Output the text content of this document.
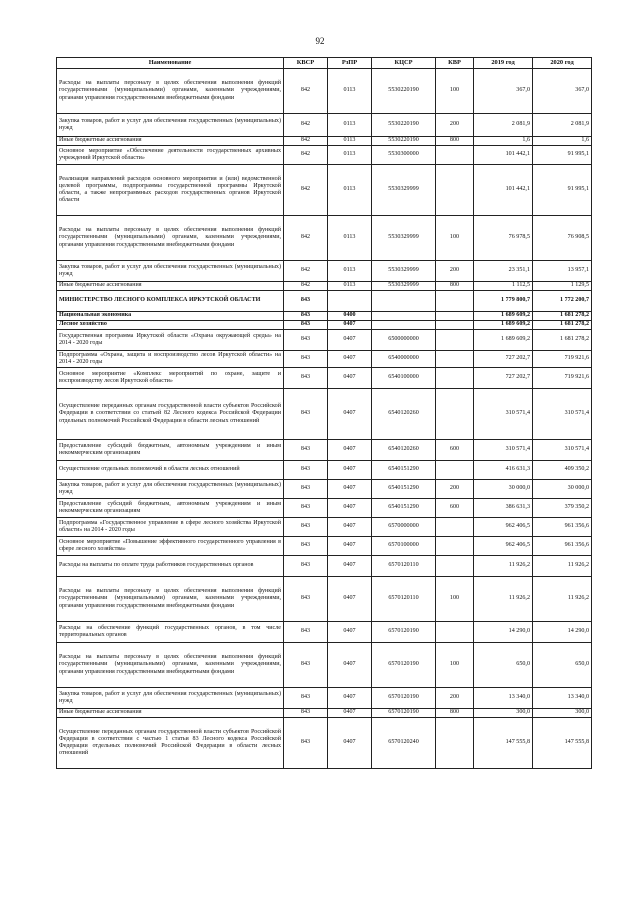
92
Наименование	КВСР	РзПР	КЦСР	КВР	2019 год	2020 год
Расходы на выплаты персоналу в целях обеспечения выполнения функций государственными (муниципальными) органами, казенными учреждениями, органами управления государственными внебюджетными фондами	842	0113	5530220190	100	367,0	367,0
Закупка товаров, работ и услуг для обеспечения государственных (муниципальных) нужд	842	0113	5530220190	200	2 081,9	2 081,9
Иные бюджетные ассигнования	842	0113	5530220190	800	1,6	1,6
Основное мероприятие «Обеспечение деятельности государственных архивных учреждений Иркутской области»	842	0113	5530300000		101 442,1	91 995,1
Реализация направлений расходов основного мероприятия и (или) ведомственной целевой программы, подпрограммы государственной программы Иркутской области, а также непрограммных расходов государственных органов Иркутской области	842	0113	5530329999		101 442,1	91 995,1
Расходы на выплаты персоналу в целях обеспечения выполнения функций государственными (муниципальными) органами, казенными учреждениями, органами управления государственными внебюджетными фондами	842	0113	5530329999	100	76 978,5	76 908,5
Закупка товаров, работ и услуг для обеспечения государственных (муниципальных) нужд	842	0113	5530329999	200	23 351,1	13 957,1
Иные бюджетные ассигнования	842	0113	5530329999	800	1 112,5	1 129,5
МИНИСТЕРСТВО ЛЕСНОГО КОМПЛЕКСА ИРКУТСКОЙ ОБЛАСТИ	843				1 779 800,7	1 772 200,7
Национальная экономика	843	0400			1 689 609,2	1 681 278,2
Лесное хозяйство	843	0407			1 689 609,2	1 681 278,2
Государственная программа Иркутской области «Охрана окружающей среды» на 2014 - 2020 годы	843	0407	6500000000		1 689 609,2	1 681 278,2
Подпрограмма «Охрана, защита и воспроизводство лесов Иркутской области» на 2014 - 2020 годы	843	0407	6540000000		727 202,7	719 921,6
Основное мероприятие «Комплекс мероприятий по охране, защите и воспроизводству лесов Иркутской области»	843	0407	6540100000		727 202,7	719 921,6
Осуществление переданных органам государственной власти субъектов Российской Федерации в соответствии со статьей 82 Лесного кодекса Российской Федерации отдельных полномочий Российской Федерации в области лесных отношений	843	0407	6540120260		310 571,4	310 571,4
Предоставление субсидий бюджетным, автономным учреждениям и иным некоммерческим организациям	843	0407	6540120260	600	310 571,4	310 571,4
Осуществление отдельных полномочий в области лесных отношений	843	0407	6540151290		416 631,3	409 350,2
Закупка товаров, работ и услуг для обеспечения государственных (муниципальных) нужд	843	0407	6540151290	200	30 000,0	30 000,0
Предоставление субсидий бюджетным, автономным учреждениям и иным некоммерческим организациям	843	0407	6540151290	600	386 631,3	379 350,2
Подпрограмма «Государственное управление в сфере лесного хозяйства Иркутской области» на 2014 - 2020 годы	843	0407	6570000000		962 406,5	961 356,6
Основное мероприятие «Повышение эффективного государственного управления в сфере лесного хозяйства»	843	0407	6570100000		962 406,5	961 356,6
Расходы на выплаты по оплате труда работников государственных органов	843	0407	6570120110		11 926,2	11 926,2
Расходы на выплаты персоналу в целях обеспечения выполнения функций государственными (муниципальными) органами, казенными учреждениями, органами управления государственными внебюджетными фондами	843	0407	6570120110	100	11 926,2	11 926,2
Расходы на обеспечение функций государственных органов, в том числе территориальных органов	843	0407	6570120190		14 290,0	14 290,0
Расходы на выплаты персоналу в целях обеспечения выполнения функций государственными (муниципальными) органами, казенными учреждениями, органами управления государственными внебюджетными фондами	843	0407	6570120190	100	650,0	650,0
Закупка товаров, работ и услуг для обеспечения государственных (муниципальных) нужд	843	0407	6570120190	200	13 340,0	13 340,0
Иные бюджетные ассигнования	843	0407	6570120190	800	300,0	300,0
Осуществление переданных органам государственной власти субъектов Российской Федерации в соответствии с частью 1 статьи 83 Лесного кодекса Российской Федерации отдельных полномочий Российской Федерации в области лесных отношений	843	0407	6570120240		147 555,8	147 555,8
